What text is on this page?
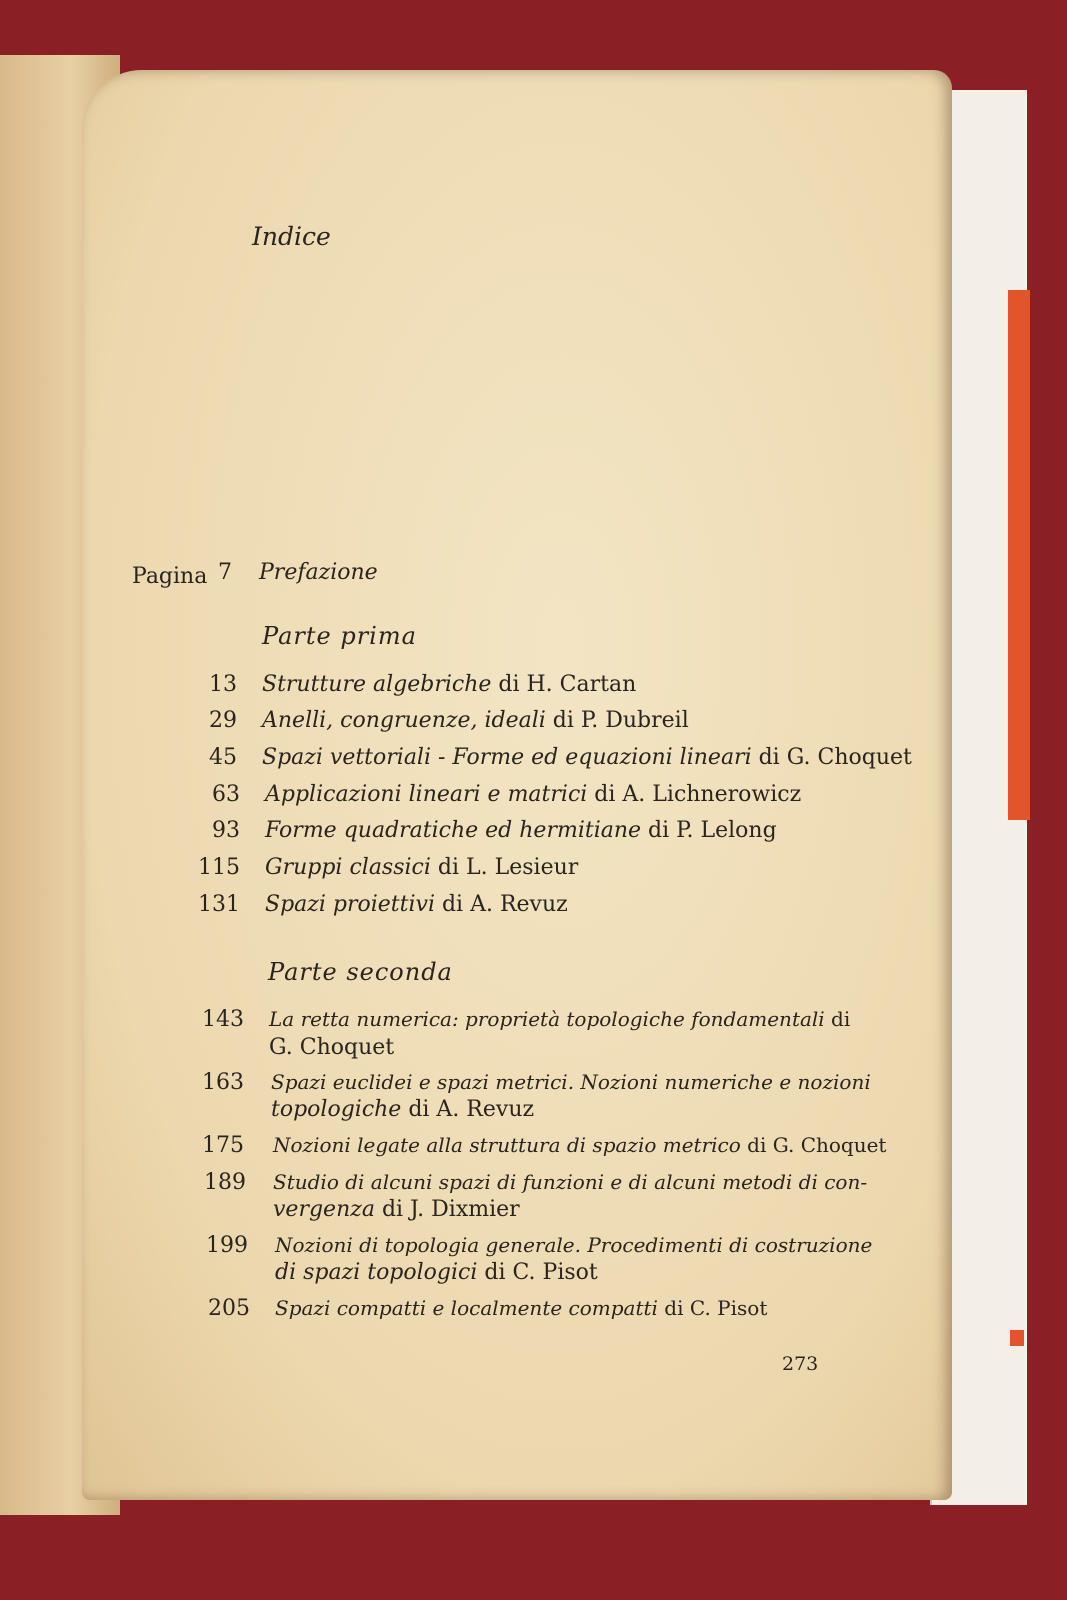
Indice
Pagina 7 Prefazione
Parte prima
13 Strutture algebriche di H. Cartan
29 Anelli, congruenze, ideali di P. Dubreil
45 Spazi vettoriali - Forme ed equazioni lineari di G. Choquet
63 Applicazioni lineari e matrici di A. Lichnerowicz
93 Forme quadratiche ed hermitiane di P. Lelong
115 Gruppi classici di L. Lesieur
131 Spazi proiettivi di A. Revuz
Parte seconda
143 La retta numerica: proprietà topologiche fondamentali di
G. Choquet
163 Spazi euclidei e spazi metrici. Nozioni numeriche e nozioni
topologiche di A. Revuz
175 Nozioni legate alla struttura di spazio metrico di G. Choquet
189 Studio di alcuni spazi di funzioni e di alcuni metodi di con-
vergenza di J. Dixmier
199 Nozioni di topologia generale. Procedimenti di costruzione
di spazi topologici di C. Pisot
205 Spazi compatti e localmente compatti di C. Pisot
273
